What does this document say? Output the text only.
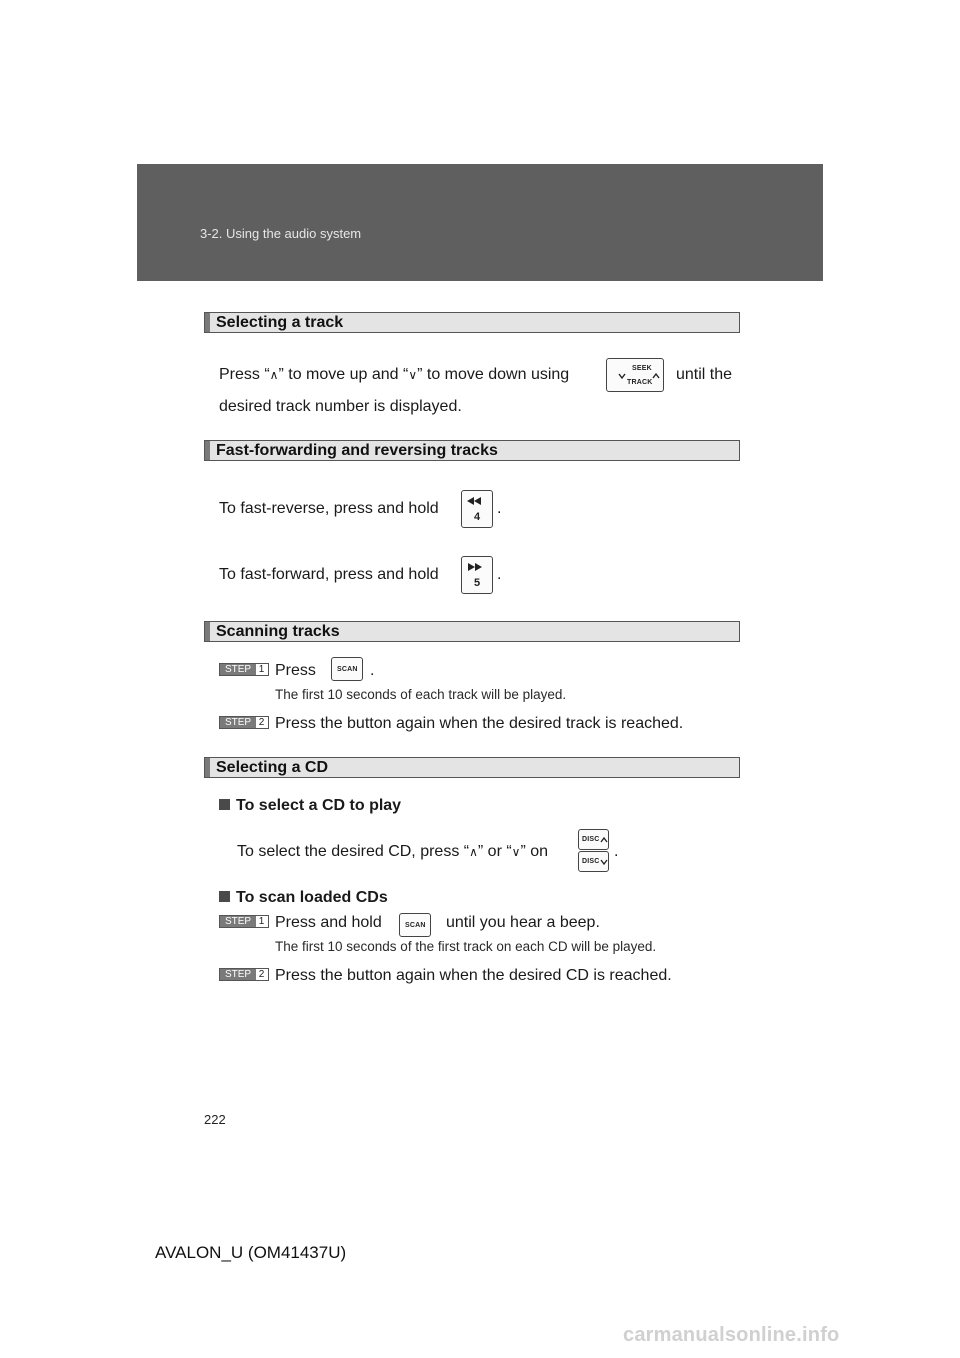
3-2. Using the audio system
Selecting a track
Press “∧” to move up and “∨” to move down using	SEEK
TRACK until the
desired track number is displayed.
Fast-forwarding and reversing tracks
To fast-reverse, press and hold	4 .
To fast-forward, press and hold	5 .
Scanning tracks
STEP 1 Press	SCAN .
The first 10 seconds of each track will be played.
STEP 2 Press the button again when the desired track is reached.
Selecting a CD
To select a CD to play
To select the desired CD, press “∧” or “∨” on
DISC
DISC
.
To scan loaded CDs
STEP 1 Press and hold	SCAN until you hear a beep.
The first 10 seconds of the first track on each CD will be played.
STEP 2 Press the button again when the desired CD is reached.
222
AVALON_U (OM41437U)
carmanualsonline.info
